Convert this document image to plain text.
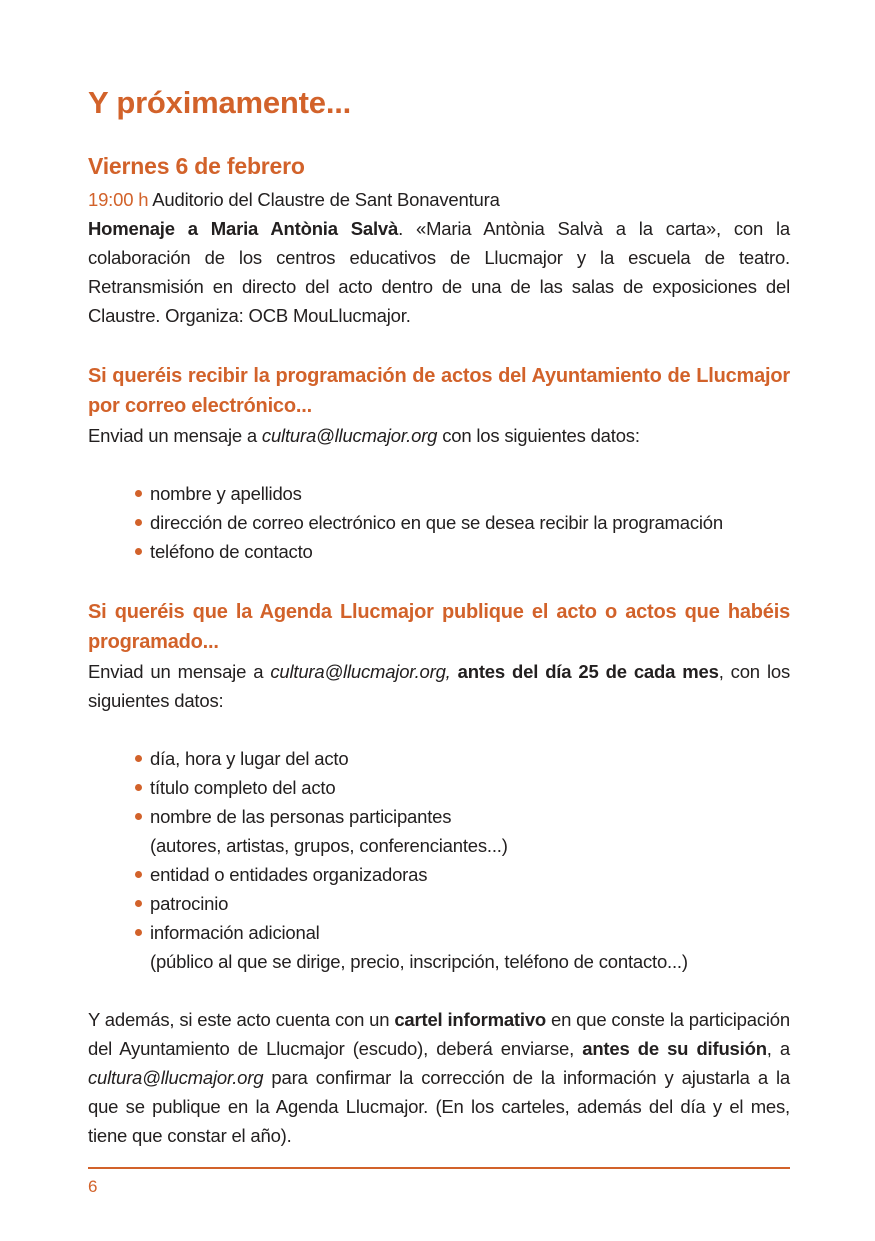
Y próximamente...
Viernes 6 de febrero

19:00 h Auditorio del Claustre de Sant Bonaventura

Homenaje a Maria Antònia Salvà. «Maria Antònia Salvà a la carta», con la colaboración de los centros educativos de Llucmajor y la escuela de teatro. Retransmisión en directo del acto dentro de una de las salas de exposiciones del Claustre. Organiza: OCB MouLlucmajor.

Si queréis recibir la programación de actos del Ayuntamiento de Llucmajor por correo electrónico...

Enviad un mensaje a cultura@llucmajor.org con los siguientes datos:

nombre y apellidos
dirección de correo electrónico en que se desea recibir la programación
teléfono de contacto
Si queréis que la Agenda Llucmajor publique el acto o actos que habéis programado...

Enviad un mensaje a cultura@llucmajor.org, antes del día 25 de cada mes, con los siguientes datos:

día, hora y lugar del acto
título completo del acto
nombre de las personas participantes
(autores, artistas, grupos, conferenciantes...)
entidad o entidades organizadoras
patrocinio
información adicional
(público al que se dirige, precio, inscripción, teléfono de contacto...)

Y además, si este acto cuenta con un cartel informativo en que conste la participación del Ayuntamiento de Llucmajor (escudo), deberá enviarse, antes de su difusión, a cultura@llucmajor.org para confirmar la corrección de la información y ajustarla a la que se publique en la Agenda Llucmajor. (En los carteles, además del día y el mes, tiene que constar el año).

6
